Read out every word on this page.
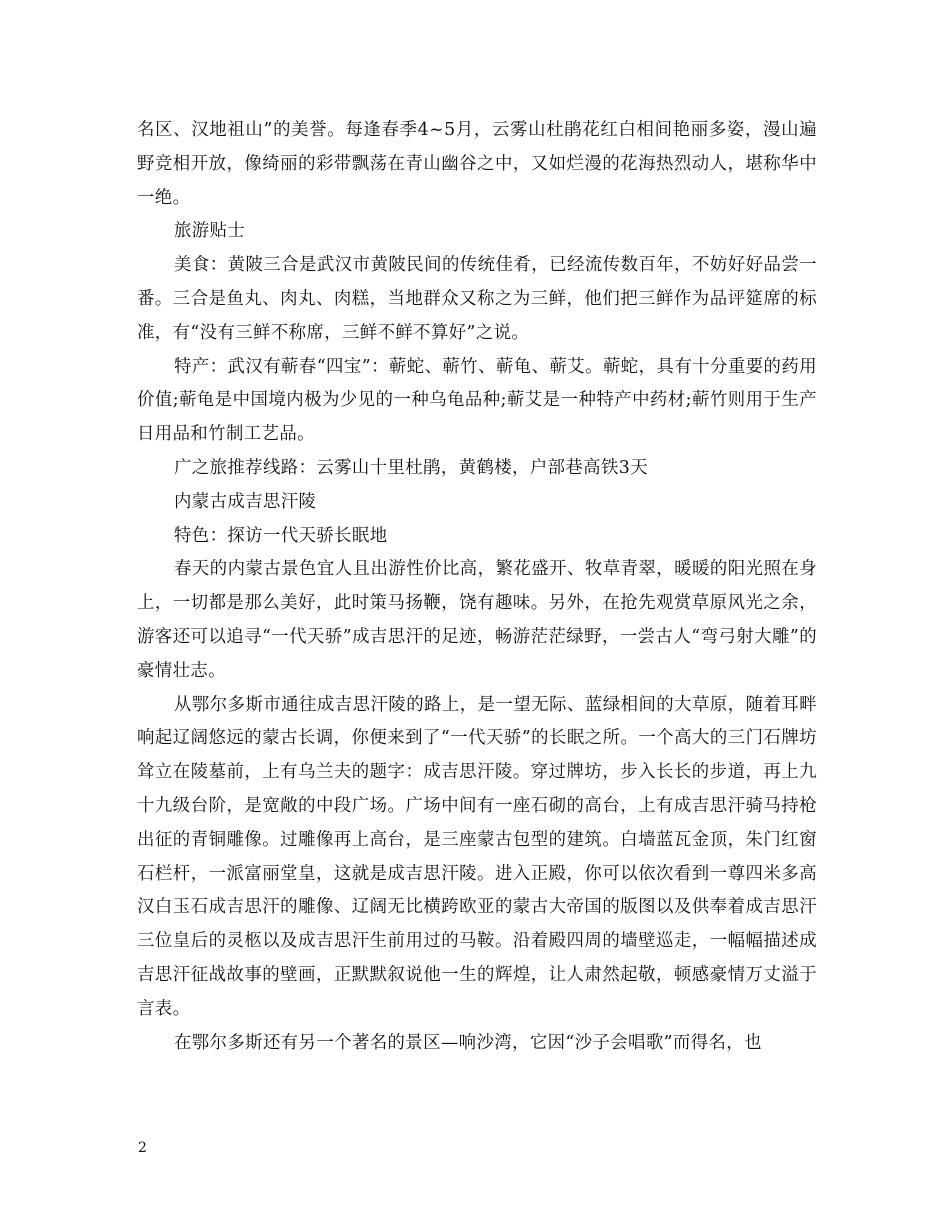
名区、汉地祖山”的美誉。每逢春季4~5月，云雾山杜鹃花红白相间艳丽多姿，漫山遍野竞相开放，像绮丽的彩带飘荡在青山幽谷之中，又如烂漫的花海热烈动人，堪称华中一绝。

旅游贴士

美食：黄陂三合是武汉市黄陂民间的传统佳肴，已经流传数百年，不妨好好品尝一番。三合是鱼丸、肉丸、肉糕，当地群众又称之为三鲜，他们把三鲜作为品评筵席的标准，有“没有三鲜不称席，三鲜不鲜不算好”之说。

特产：武汉有蕲春“四宝”：蕲蛇、蕲竹、蕲龟、蕲艾。蕲蛇，具有十分重要的药用价值;蕲龟是中国境内极为少见的一种乌龟品种;蕲艾是一种特产中药材;蕲竹则用于生产日用品和竹制工艺品。

广之旅推荐线路：云雾山十里杜鹃，黄鹤楼，户部巷高铁3天

内蒙古成吉思汗陵

特色：探访一代天骄长眠地

春天的内蒙古景色宜人且出游性价比高，繁花盛开、牧草青翠，暖暖的阳光照在身上，一切都是那么美好，此时策马扬鞭，饶有趣味。另外，在抢先观赏草原风光之余，游客还可以追寻“一代天骄”成吉思汗的足迹，畅游茫茫绿野，一尝古人“弯弓射大雕”的豪情壮志。

从鄂尔多斯市通往成吉思汗陵的路上，是一望无际、蓝绿相间的大草原，随着耳畔响起辽阔悠远的蒙古长调，你便来到了“一代天骄”的长眠之所。一个高大的三门石牌坊耸立在陵墓前，上有乌兰夫的题字：成吉思汗陵。穿过牌坊，步入长长的步道，再上九十九级台阶，是宽敞的中段广场。广场中间有一座石砌的高台，上有成吉思汗骑马持枪出征的青铜雕像。过雕像再上高台，是三座蒙古包型的建筑。白墙蓝瓦金顶，朱门红窗石栏杆，一派富丽堂皇，这就是成吉思汗陵。进入正殿，你可以依次看到一尊四米多高汉白玉石成吉思汗的雕像、辽阔无比横跨欧亚的蒙古大帝国的版图以及供奉着成吉思汗三位皇后的灵柩以及成吉思汗生前用过的马鞍。沿着殿四周的墙壁巡走，一幅幅描述成吉思汗征战故事的壁画，正默默叙说他一生的辉煌，让人肃然起敬，顿感豪情万丈溢于言表。

在鄂尔多斯还有另一个著名的景区—响沙湾，它因“沙子会唱歌”而得名，也

2
